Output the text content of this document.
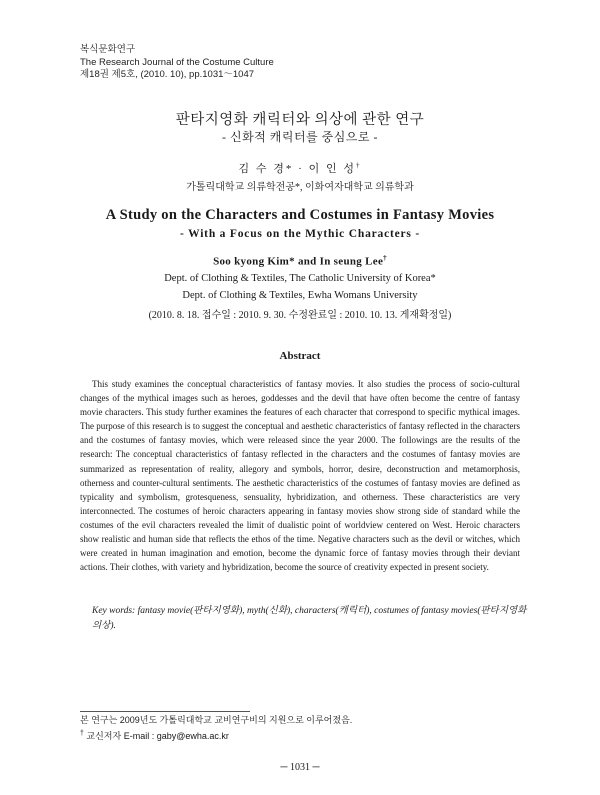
복식문화연구
The Research Journal of the Costume Culture
제18권 제5호, (2010. 10), pp.1031～1047
판타지영화 캐릭터와 의상에 관한 연구
- 신화적 캐릭터를 중심으로 -
김 수 경* · 이 인 성†
가톨릭대학교 의류학전공*, 이화여자대학교 의류학과
A Study on the Characters and Costumes in Fantasy Movies
- With a Focus on the Mythic Characters -
Soo kyong Kim* and In seung Lee†
Dept. of Clothing & Textiles, The Catholic University of Korea*
Dept. of Clothing & Textiles, Ewha Womans University
(2010. 8. 18. 접수일 : 2010. 9. 30. 수정완료일 : 2010. 10. 13. 게재확정일)
Abstract

This study examines the conceptual characteristics of fantasy movies. It also studies the process of socio-cultural changes of the mythical images such as heroes, goddesses and the devil that have often become the centre of fantasy movie characters. This study further examines the features of each character that correspond to specific mythical images. The purpose of this research is to suggest the conceptual and aesthetic characteristics of fantasy reflected in the characters and the costumes of fantasy movies, which were released since the year 2000. The followings are the results of the research: The conceptual characteristics of fantasy reflected in the characters and the costumes of fantasy movies are summarized as representation of reality, allegory and symbols, horror, desire, deconstruction and metamorphosis, otherness and counter-cultural sentiments. The aesthetic characteristics of the costumes of fantasy movies are defined as typicality and symbolism, grotesqueness, sensuality, hybridization, and otherness. These characteristics are very interconnected. The costumes of heroic characters appearing in fantasy movies show strong side of standard while the costumes of the evil characters revealed the limit of dualistic point of worldview centered on West. Heroic characters show realistic and human side that reflects the ethos of the time. Negative characters such as the devil or witches, which were created in human imagination and emotion, become the dynamic force of fantasy movies through their deviant actions. Their clothes, with variety and hybridization, become the source of creativity expected in present society.

Key words: fantasy movie(판타지영화), myth(신화), characters(캐릭터), costumes of fantasy movies(판타지영화 의상).
본 연구는 2009년도 가톨릭대학교 교비연구비의 지원으로 이루어졌음.
† 교신저자 E-mail : gaby@ewha.ac.kr
─ 1031 ─
